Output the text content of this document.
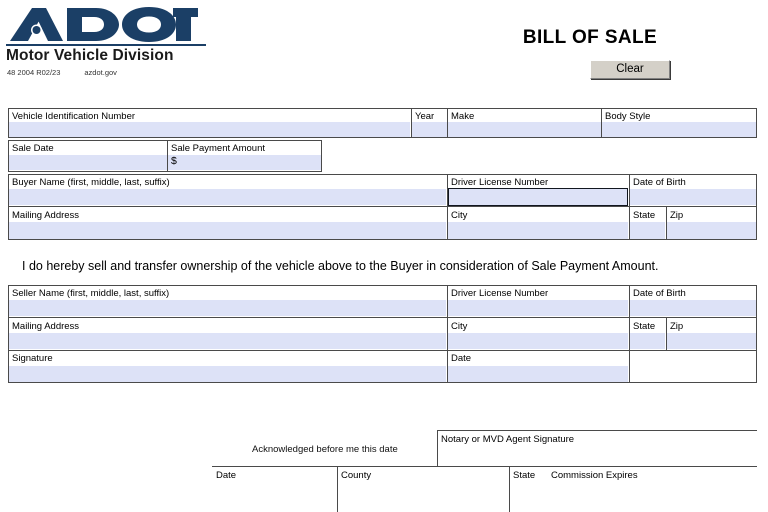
Motor Vehicle Division
48 2004 R02/23	azdot.gov
BILL OF SALE
Clear
Vehicle Identification Number	Year Make	Body Style
Sale Date	Sale Payment Amount
$
Buyer Name (first, middle, last, suffix)	Driver License Number	Date of Birth
Mailing Address	City	State Zip
I do hereby sell and transfer ownership of the vehicle above to the Buyer in consideration of Sale Payment Amount.
Seller Name (first, middle, last, suffix)	Driver License Number	Date of Birth
Mailing Address	City	State Zip
Signature	Date
Acknowledged before me this date
Notary or MVD Agent Signature
Date	County	State Commission Expires
